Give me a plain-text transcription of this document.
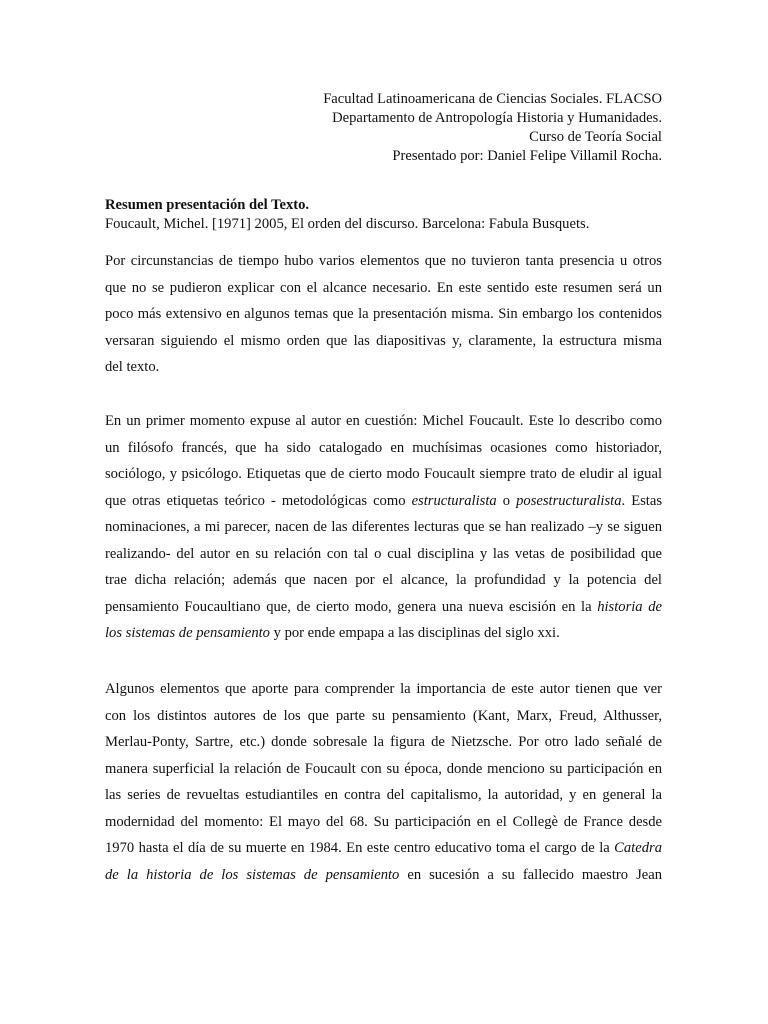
Facultad Latinoamericana de Ciencias Sociales. FLACSO
Departamento de Antropología Historia y Humanidades.
Curso de Teoría Social
Presentado por: Daniel Felipe Villamil Rocha.
Resumen presentación del Texto.
Foucault, Michel. [1971] 2005, El orden del discurso. Barcelona: Fabula Busquets.
Por circunstancias de tiempo hubo varios elementos que no tuvieron tanta presencia u otros
que no se pudieron explicar con el alcance necesario. En este sentido este resumen será un
poco más extensivo en algunos temas que la presentación misma. Sin embargo los contenidos
versaran siguiendo el mismo orden que las diapositivas y, claramente, la estructura misma
del texto.
En un primer momento expuse al autor en cuestión: Michel Foucault. Este lo describo como
un filósofo francés, que ha sido catalogado en muchísimas ocasiones como historiador,
sociólogo, y psicólogo. Etiquetas que de cierto modo Foucault siempre trato de eludir al igual
que otras etiquetas teórico - metodológicas como estructuralista o posestructuralista. Estas
nominaciones, a mi parecer, nacen de las diferentes lecturas que se han realizado –y se siguen
realizando- del autor en su relación con tal o cual disciplina y las vetas de posibilidad que
trae dicha relación; además que nacen por el alcance, la profundidad y la potencia del
pensamiento Foucaultiano que, de cierto modo, genera una nueva escisión en la historia de
los sistemas de pensamiento y por ende empapa a las disciplinas del siglo xxi.
Algunos elementos que aporte para comprender la importancia de este autor tienen que ver
con los distintos autores de los que parte su pensamiento (Kant, Marx, Freud, Althusser,
Merlau-Ponty, Sartre, etc.) donde sobresale la figura de Nietzsche. Por otro lado señalé de
manera superficial la relación de Foucault con su época, donde menciono su participación en
las series de revueltas estudiantiles en contra del capitalismo, la autoridad, y en general la
modernidad del momento: El mayo del 68. Su participación en el Collegè de France desde
1970 hasta el día de su muerte en 1984. En este centro educativo toma el cargo de la Catedra
de la historia de los sistemas de pensamiento en sucesión a su fallecido maestro Jean
